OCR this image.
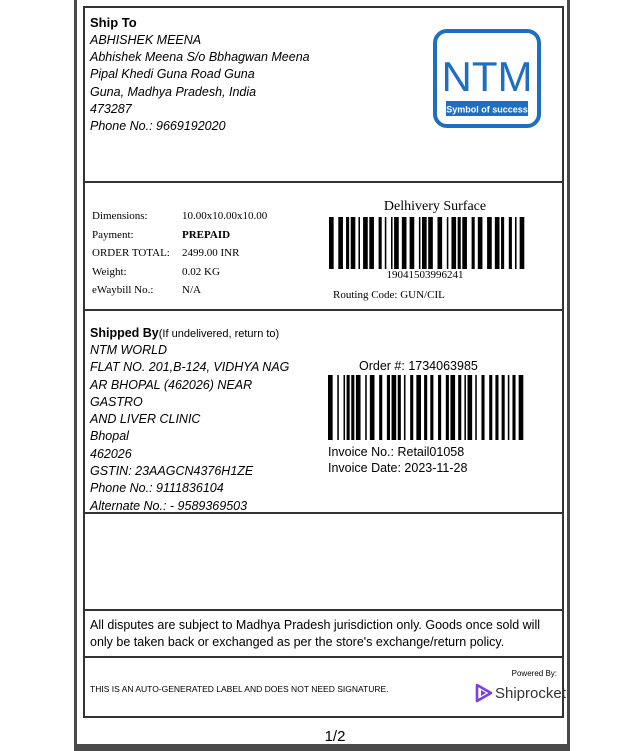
Ship To
ABHISHEK MEENA
Abhishek Meena S/o Bbhagwan Meena
Pipal Khedi Guna Road Guna
Guna, Madhya Pradesh, India
473287
Phone No.: 9669192020
NTM
Symbol of success
Dimensions:	10.00x10.00x10.00
Payment:	PREPAID
ORDER TOTAL:	2499.00 INR
Weight:	0.02 KG
eWaybill No.:	N/A
Delhivery Surface
19041503996241
Routing Code: GUN/CIL
Shipped By(If undelivered, return to)
NTM WORLD
FLAT NO. 201,B-124, VIDHYA NAG
AR BHOPAL (462026) NEAR
GASTRO
AND LIVER CLINIC
Bhopal
462026
GSTIN: 23AAGCN4376H1ZE
Phone No.: 9111836104
Alternate No.: - 9589369503
Order #: 1734063985
Invoice No.: Retail01058
Invoice Date: 2023-11-28
All disputes are subject to Madhya Pradesh jurisdiction only. Goods once sold will only be taken back or exchanged as per the store's exchange/return policy.
THIS IS AN AUTO-GENERATED LABEL AND DOES NOT NEED SIGNATURE.
Powered By:
Shiprocket
1/2
